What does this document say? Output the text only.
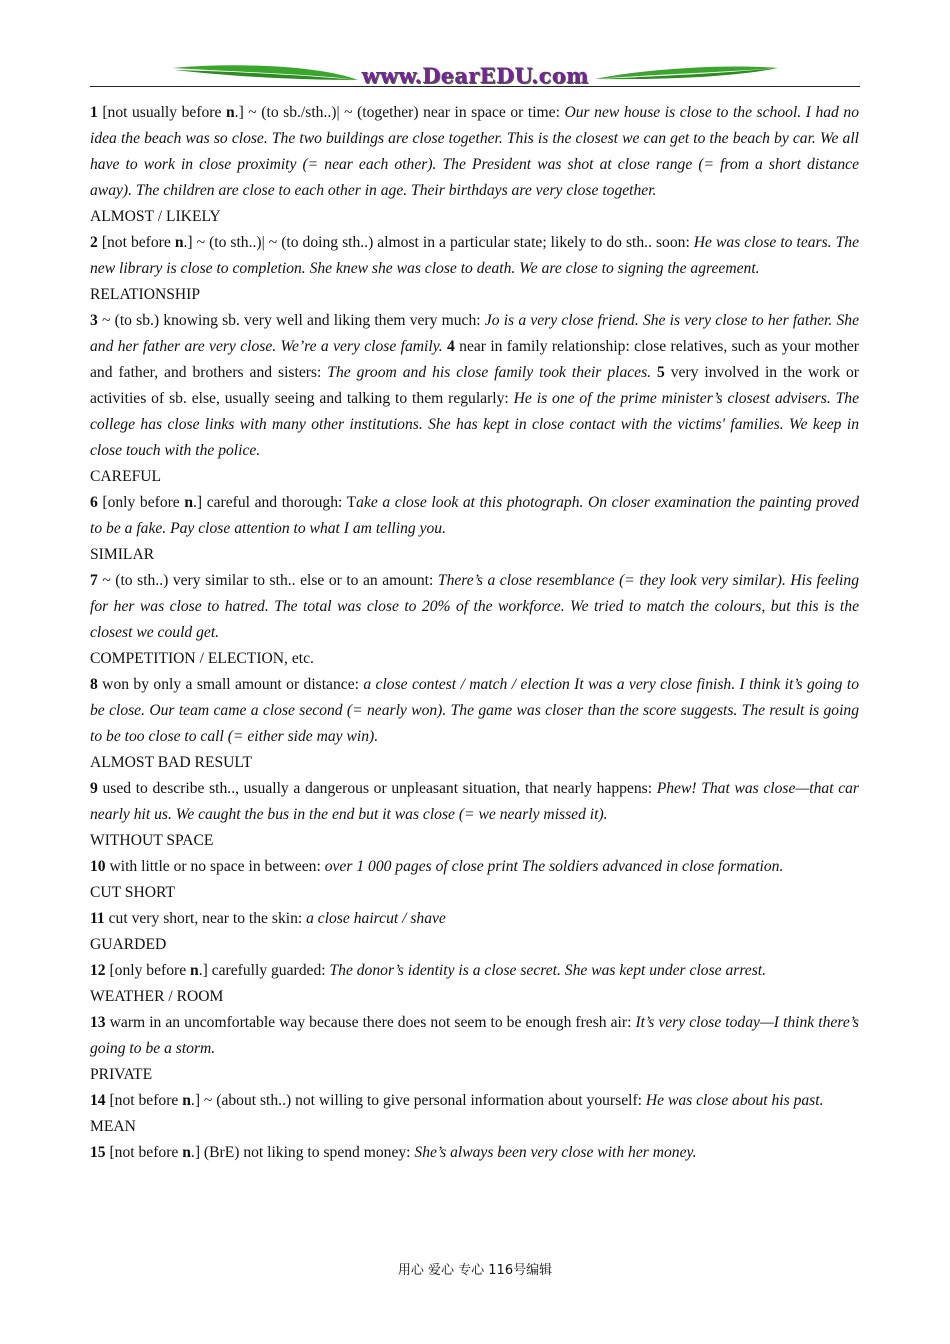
www.DearEDU.com
1 [not usually before n.] ~ (to sb./sth..)| ~ (together) near in space or time: Our new house is close to the school. I had no idea the beach was so close. The two buildings are close together. This is the closest we can get to the beach by car. We all have to work in close proximity (= near each other). The President was shot at close range (= from a short distance away). The children are close to each other in age. Their birthdays are very close together.
ALMOST / LIKELY
2 [not before n.] ~ (to sth..)| ~ (to doing sth..) almost in a particular state; likely to do sth.. soon: He was close to tears. The new library is close to completion. She knew she was close to death. We are close to signing the agreement.
RELATIONSHIP
3 ~ (to sb.) knowing sb. very well and liking them very much: Jo is a very close friend. She is very close to her father. She and her father are very close. We’re a very close family. 4 near in family relationship: close relatives, such as your mother and father, and brothers and sisters: The groom and his close family took their places. 5 very involved in the work or activities of sb. else, usually seeing and talking to them regularly: He is one of the prime minister’s closest advisers. The college has close links with many other institutions. She has kept in close contact with the victims' families. We keep in close touch with the police.
CAREFUL
6 [only before n.] careful and thorough: Take a close look at this photograph. On closer examination the painting proved to be a fake. Pay close attention to what I am telling you.
SIMILAR
7 ~ (to sth..) very similar to sth.. else or to an amount: There’s a close resemblance (= they look very similar). His feeling for her was close to hatred. The total was close to 20% of the workforce. We tried to match the colours, but this is the closest we could get.
COMPETITION / ELECTION, etc.
8 won by only a small amount or distance: a close contest / match / election It was a very close finish. I think it’s going to be close. Our team came a close second (= nearly won). The game was closer than the score suggests. The result is going to be too close to call (= either side may win).
ALMOST BAD RESULT
9 used to describe sth.., usually a dangerous or unpleasant situation, that nearly happens: Phew! That was close—that car nearly hit us. We caught the bus in the end but it was close (= we nearly missed it).
WITHOUT SPACE
10 with little or no space in between: over 1 000 pages of close print The soldiers advanced in close formation.
CUT SHORT
11 cut very short, near to the skin: a close haircut / shave
GUARDED
12 [only before n.] carefully guarded: The donor’s identity is a close secret. She was kept under close arrest.
WEATHER / ROOM
13 warm in an uncomfortable way because there does not seem to be enough fresh air: It’s very close today—I think there’s going to be a storm.
PRIVATE
14 [not before n.] ~ (about sth..) not willing to give personal information about yourself: He was close about his past.
MEAN
15 [not before n.] (BrE) not liking to spend money: She’s always been very close with her money.
用心 爱心 专心 116号编辑
